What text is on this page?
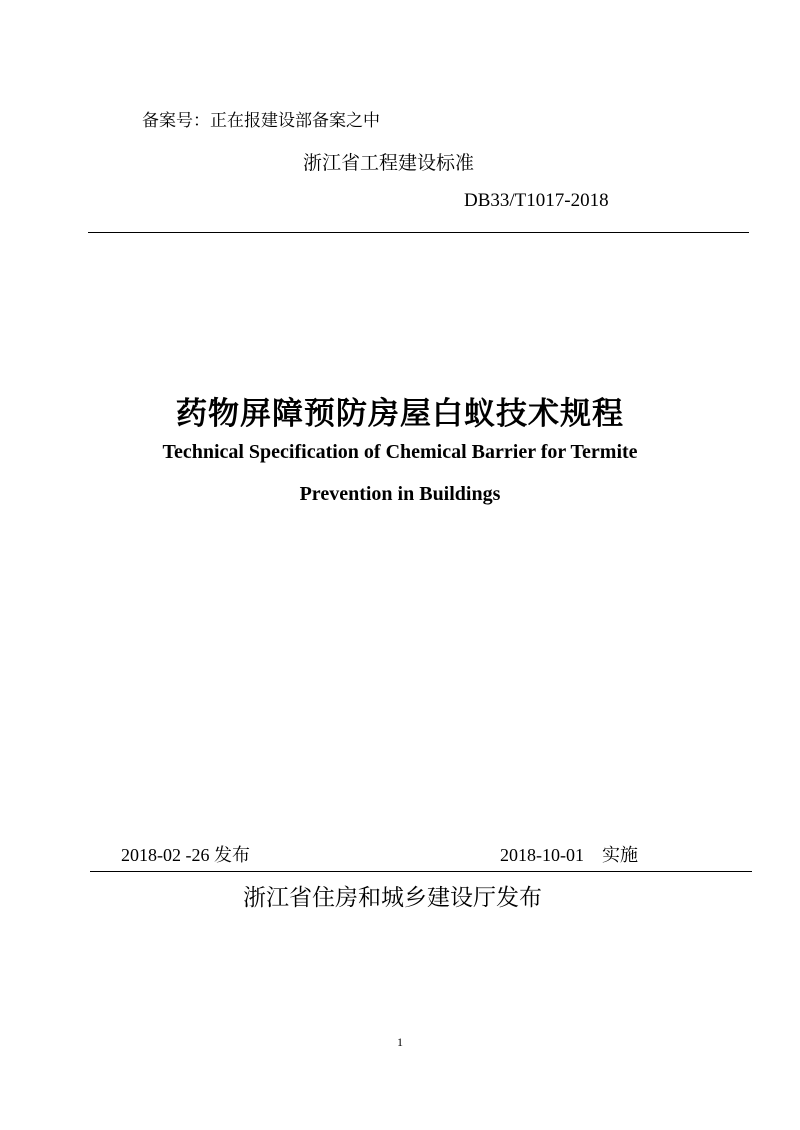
备案号：正在报建设部备案之中
浙江省工程建设标准
DB33/T1017-2018
药物屏障预防房屋白蚁技术规程
Technical Specification of Chemical Barrier for Termite
Prevention in Buildings
2018-02 -26 发布	2018-10-01　实施
浙江省住房和城乡建设厅发布
1
